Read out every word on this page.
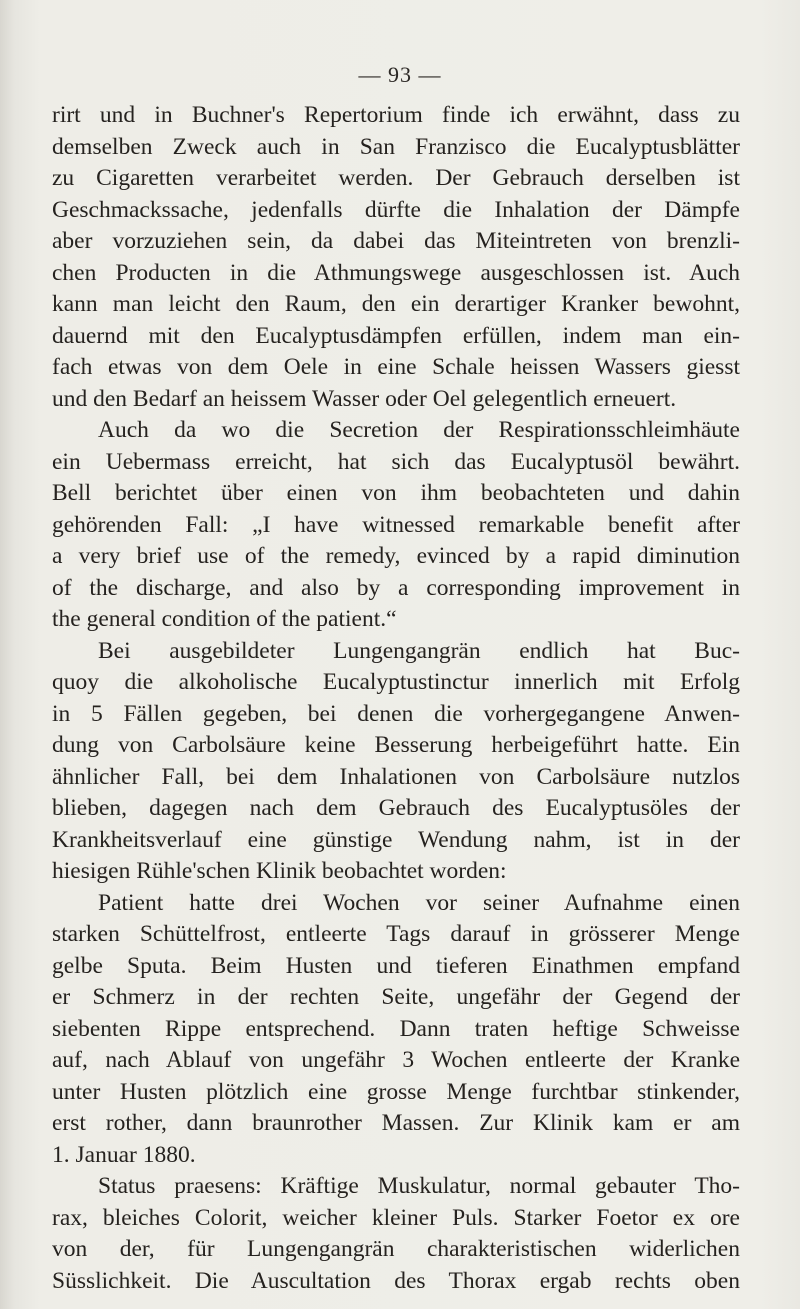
— 93 —
rirt und in Buchner's Repertorium finde ich erwähnt, dass zu
demselben Zweck auch in San Franzisco die Eucalyptusblätter
zu Cigaretten verarbeitet werden. Der Gebrauch derselben ist
Geschmackssache, jedenfalls dürfte die Inhalation der Dämpfe
aber vorzuziehen sein, da dabei das Miteintreten von brenzli-
chen Producten in die Athmungswege ausgeschlossen ist. Auch
kann man leicht den Raum, den ein derartiger Kranker bewohnt,
dauernd mit den Eucalyptusdämpfen erfüllen, indem man ein-
fach etwas von dem Oele in eine Schale heissen Wassers giesst
und den Bedarf an heissem Wasser oder Oel gelegentlich erneuert.
Auch da wo die Secretion der Respirationsschleimhäute
ein Uebermass erreicht, hat sich das Eucalyptusöl bewährt.
Bell berichtet über einen von ihm beobachteten und dahin
gehörenden Fall: „I have witnessed remarkable benefit after
a very brief use of the remedy, evinced by a rapid diminution
of the discharge, and also by a corresponding improvement in
the general condition of the patient.“
Bei ausgebildeter Lungengangrän endlich hat Buc-
quoy die alkoholische Eucalyptustinctur innerlich mit Erfolg
in 5 Fällen gegeben, bei denen die vorhergegangene Anwen-
dung von Carbolsäure keine Besserung herbeigeführt hatte. Ein
ähnlicher Fall, bei dem Inhalationen von Carbolsäure nutzlos
blieben, dagegen nach dem Gebrauch des Eucalyptusöles der
Krankheitsverlauf eine günstige Wendung nahm, ist in der
hiesigen Rühle'schen Klinik beobachtet worden:
Patient hatte drei Wochen vor seiner Aufnahme einen
starken Schüttelfrost, entleerte Tags darauf in grösserer Menge
gelbe Sputa. Beim Husten und tieferen Einathmen empfand
er Schmerz in der rechten Seite, ungefähr der Gegend der
siebenten Rippe entsprechend. Dann traten heftige Schweisse
auf, nach Ablauf von ungefähr 3 Wochen entleerte der Kranke
unter Husten plötzlich eine grosse Menge furchtbar stinkender,
erst rother, dann braunrother Massen. Zur Klinik kam er am
1. Januar 1880.
Status praesens: Kräftige Muskulatur, normal gebauter Tho-
rax, bleiches Colorit, weicher kleiner Puls. Starker Foetor ex ore
von der, für Lungengangrän charakteristischen widerlichen
Süsslichkeit. Die Auscultation des Thorax ergab rechts oben
